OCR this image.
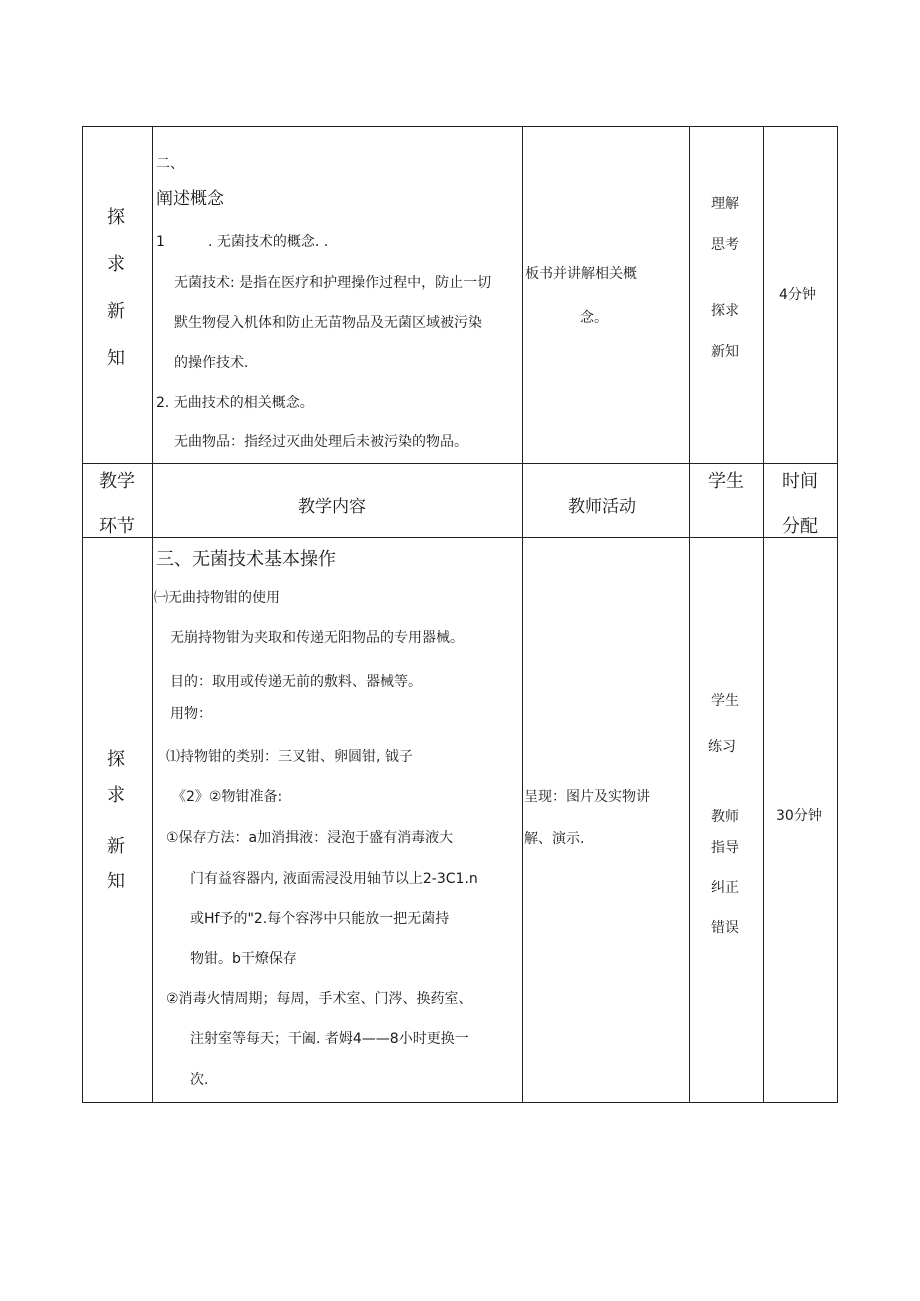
探
求
新
知
二、
阐述概念
1	. 无菌技术的概念. .
无菌技术: 是指在医疗和护理操作过程中，防止一切
默生物侵入机体和防止无苗物品及无菌区域被污染
的操作技术.
2. 无曲技术的相关概念。
无曲物品：指经过灭曲处理后未被污染的物品。
板书并讲解相关概
念。
理解
思考
探求
新知
4分钟
教学
环节
教学内容	教师活动
学生 时间
分配
探
求
新
知
三、无菌技术基本操作
㈠无曲持物钳的使用
无崩持物钳为夹取和传递无阳物品的专用器械。
目的：取用或传递无前的敷料、器械等。
用物：
⑴持物钳的类别：三叉钳、卵圆钳, 钺子
《2》②物钳准备:
①保存方法：a加消揖液：浸泡于盛有消毒液大
门有益容器内, 液面需浸没用轴节以上2-3C1.n
或Hf予的"2.每个容涔中只能放一把无菌持
物钳。b干燎保存
②消毒火情周期；每周，手术室、门涔、换药室、
注射室等每天；干阖. 者姆4——8小时更换一
次.
呈现：图片及实物讲
解、演示.
学生
练习
教师
指导
纠正
错误
30分钟
